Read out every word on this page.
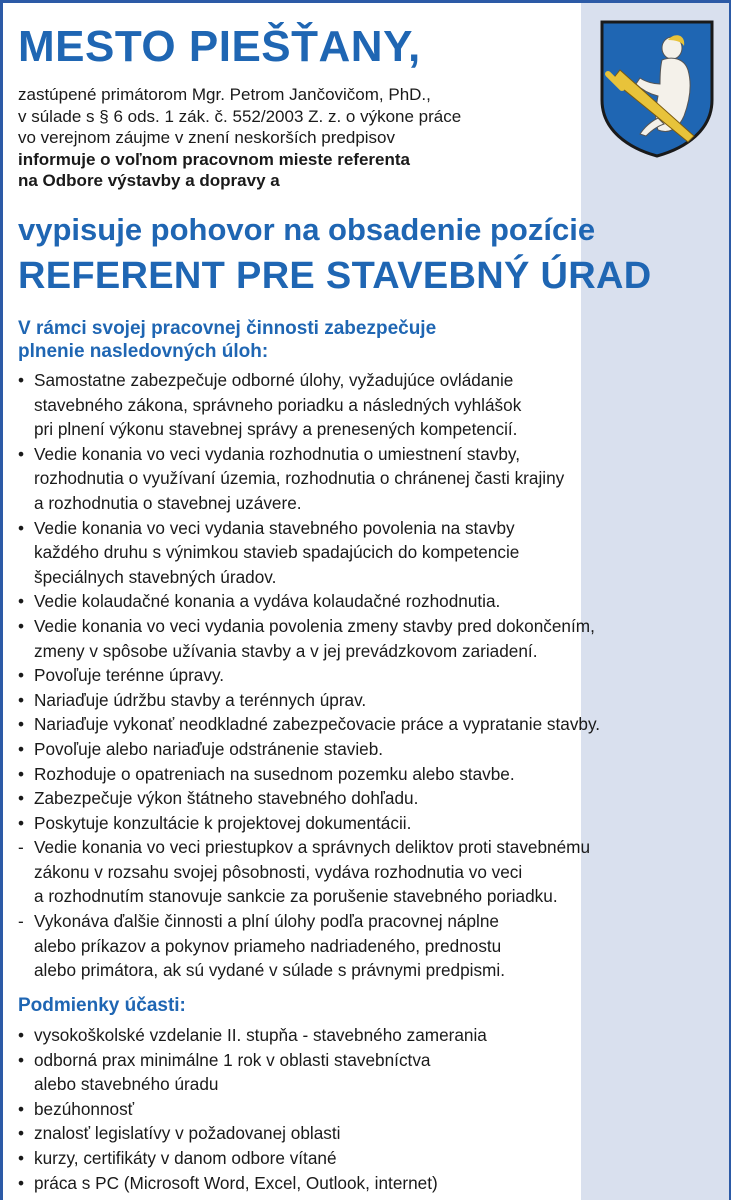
MESTO PIEŠŤANY,
zastúpené primátorom Mgr. Petrom Jančovičom, PhD.,
v súlade s § 6 ods. 1 zák. č. 552/2003 Z. z. o výkone práce
vo verejnom záujme v znení neskorších predpisov
informuje o voľnom pracovnom mieste referenta
na Odbore výstavby a dopravy a
vypisuje pohovor na obsadenie pozície
REFERENT PRE STAVEBNÝ ÚRAD
V rámci svojej pracovnej činnosti zabezpečuje
plnenie nasledovných úloh:
• Samostatne zabezpečuje odborné úlohy, vyžadujúce ovládanie
stavebného zákona, správneho poriadku a následných vyhlášok
pri plnení výkonu stavebnej správy a prenesených kompetencií.
• Vedie konania vo veci vydania rozhodnutia o umiestnení stavby,
rozhodnutia o využívaní územia, rozhodnutia o chránenej časti krajiny
a rozhodnutia o stavebnej uzávere.
• Vedie konania vo veci vydania stavebného povolenia na stavby
každého druhu s výnimkou stavieb spadajúcich do kompetencie
špeciálnych stavebných úradov.
• Vedie kolaudačné konania a vydáva kolaudačné rozhodnutia.
• Vedie konania vo veci vydania povolenia zmeny stavby pred dokončením,
zmeny v spôsobe užívania stavby a v jej prevádzkovom zariadení.
• Povoľuje terénne úpravy.
• Nariaďuje údržbu stavby a terénnych úprav.
• Nariaďuje vykonať neodkladné zabezpečovacie práce a vypratanie stavby.
• Povoľuje alebo nariaďuje odstránenie stavieb.
• Rozhoduje o opatreniach na susednom pozemku alebo stavbe.
• Zabezpečuje výkon štátneho stavebného dohľadu.
• Poskytuje konzultácie k projektovej dokumentácii.
- Vedie konania vo veci priestupkov a správnych deliktov proti stavebnému
zákonu v rozsahu svojej pôsobnosti, vydáva rozhodnutia vo veci
a rozhodnutím stanovuje sankcie za porušenie stavebného poriadku.
- Vykonáva ďalšie činnosti a plní úlohy podľa pracovnej náplne
alebo príkazov a pokynov priameho nadriadeného, prednostu
alebo primátora, ak sú vydané v súlade s právnymi predpismi.
Podmienky účasti:
• vysokoškolské vzdelanie II. stupňa - stavebného zamerania
• odborná prax minimálne 1 rok v oblasti stavebníctva
alebo stavebného úradu
• bezúhonnosť
• znalosť legislatívy v požadovanej oblasti
• kurzy, certifikáty v danom odbore vítané
• práca s PC (Microsoft Word, Excel, Outlook, internet)
